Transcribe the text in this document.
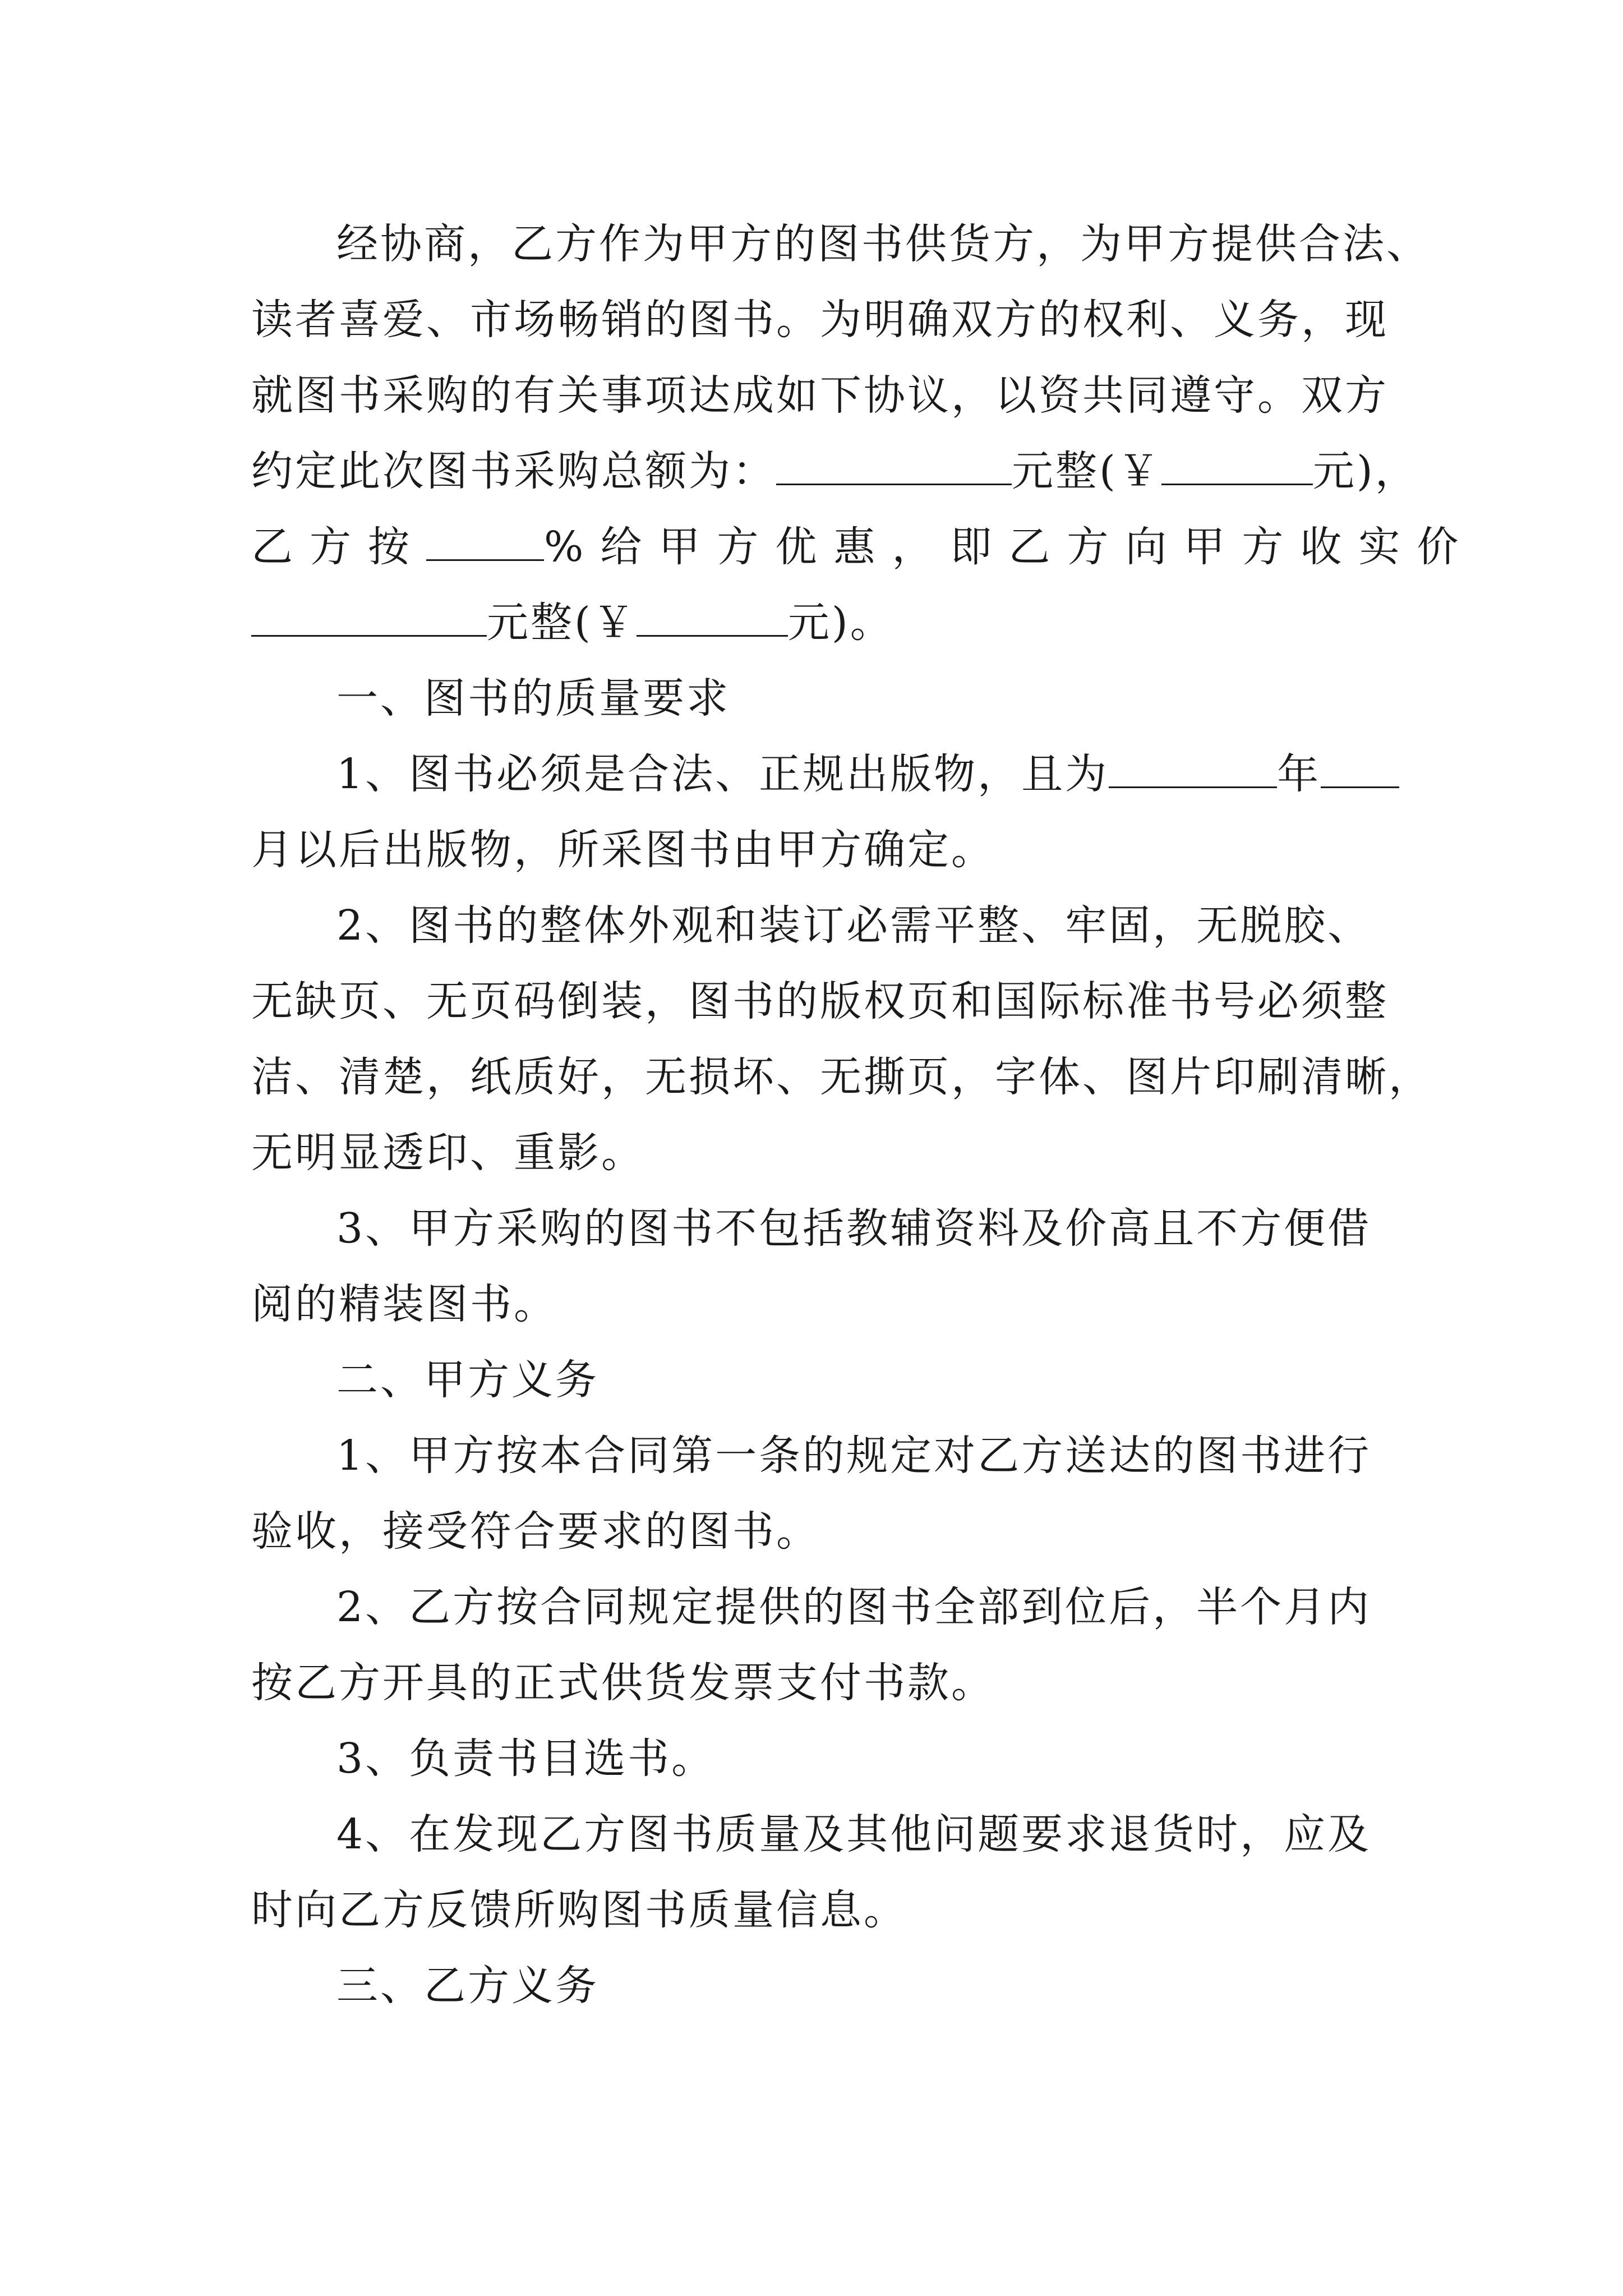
经协商，乙方作为甲方的图书供货方，为甲方提供合法、
读者喜爱、市场畅销的图书。为明确双方的权利、义务，现
就图书采购的有关事项达成如下协议，以资共同遵守。双方
约定此次图书采购总额为：	元整(￥	元)，
乙方按	%给甲方优惠，即乙方向甲方收实价
元整(￥	元)。
一、图书的质量要求
1、图书必须是合法、正规出版物，且为	年
月以后出版物，所采图书由甲方确定。
2、图书的整体外观和装订必需平整、牢固，无脱胶、
无缺页、无页码倒装，图书的版权页和国际标准书号必须整
洁、清楚，纸质好，无损坏、无撕页，字体、图片印刷清晰，
无明显透印、重影。
3、甲方采购的图书不包括教辅资料及价高且不方便借
阅的精装图书。
二、甲方义务
1、甲方按本合同第一条的规定对乙方送达的图书进行
验收，接受符合要求的图书。
2、乙方按合同规定提供的图书全部到位后，半个月内
按乙方开具的正式供货发票支付书款。
3、负责书目选书。
4、在发现乙方图书质量及其他问题要求退货时，应及
时向乙方反馈所购图书质量信息。
三、乙方义务
